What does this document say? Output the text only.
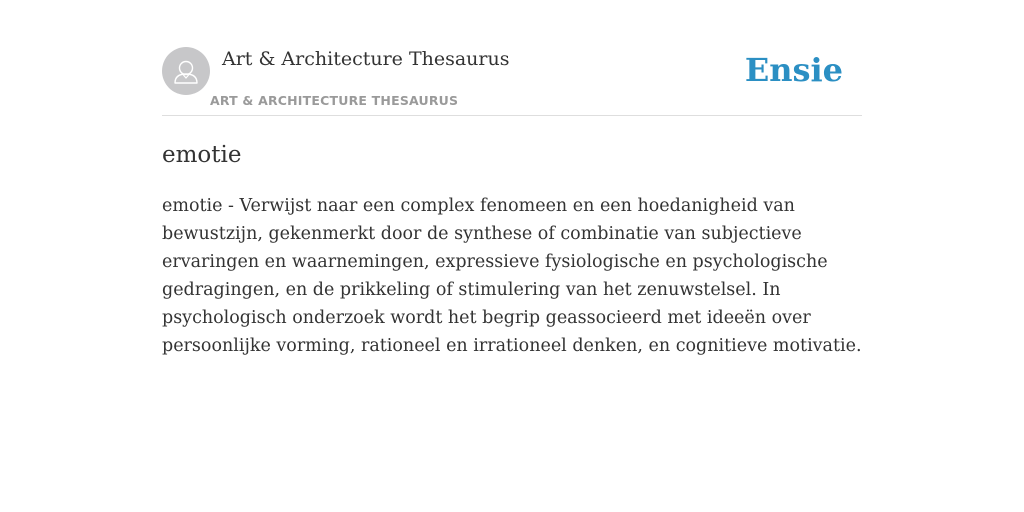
Art & Architecture Thesaurus
ART & ARCHITECTURE THESAURUS
Ensie
emotie

emotie - Verwijst naar een complex fenomeen en een hoedanigheid van bewustzijn, gekenmerkt door de synthese of combinatie van subjectieve ervaringen en waarnemingen, expressieve fysiologische en psychologische gedragingen, en de prikkeling of stimulering van het zenuwstelsel. In psychologisch onderzoek wordt het begrip geassocieerd met ideeën over persoonlijke vorming, rationeel en irrationeel denken, en cognitieve motivatie.
